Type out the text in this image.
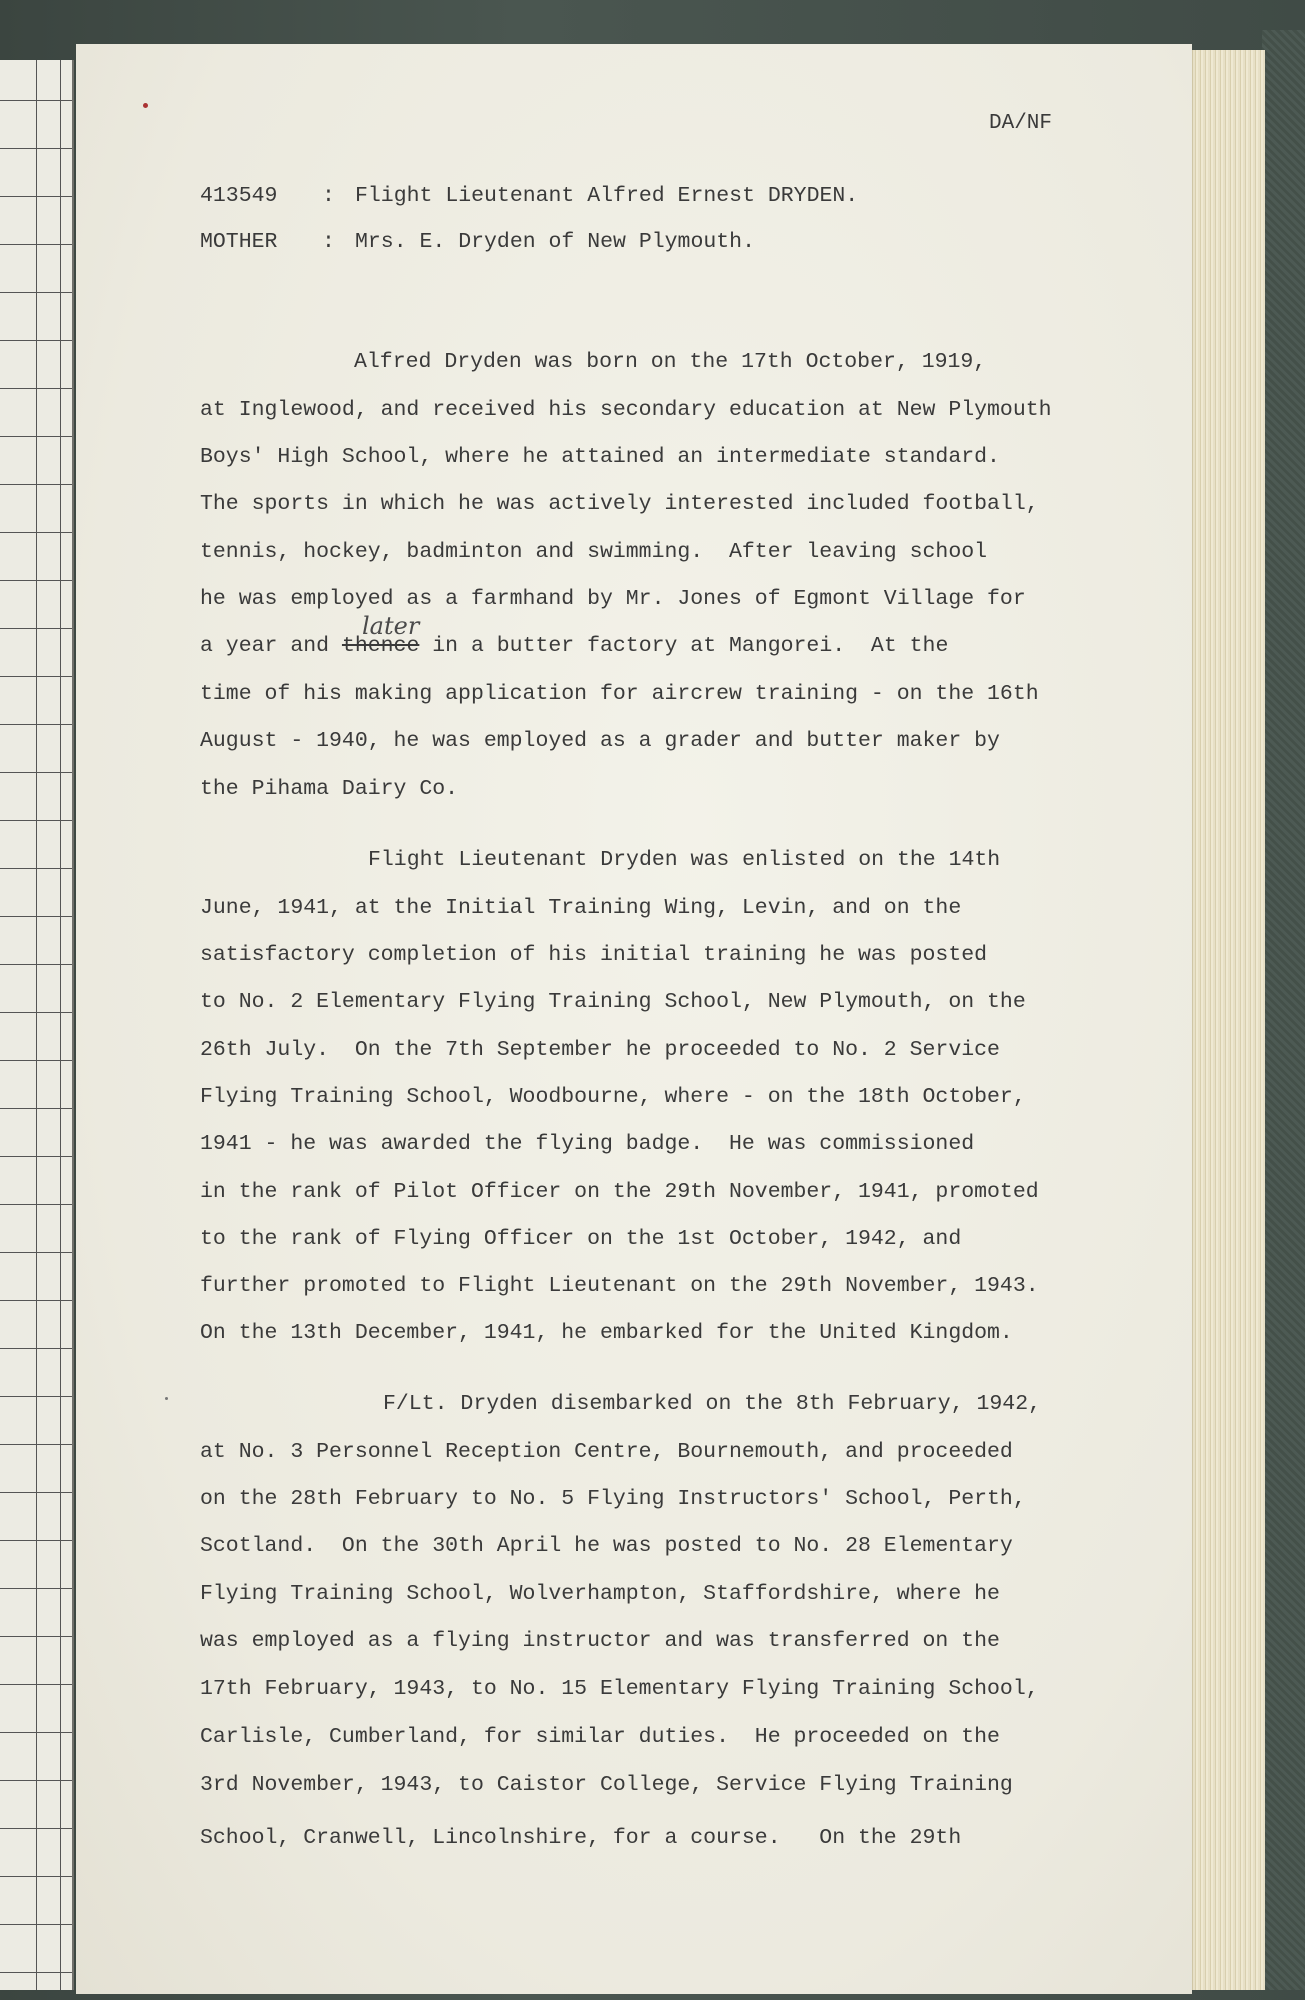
DA/NF
413549 : Flight Lieutenant Alfred Ernest DRYDEN.
MOTHER : Mrs. E. Dryden of New Plymouth.
Alfred Dryden was born on the 17th October, 1919,
at Inglewood, and received his secondary education at New Plymouth
Boys' High School, where he attained an intermediate standard.
The sports in which he was actively interested included football,
tennis, hockey, badminton and swimming.  After leaving school
he was employed as a farmhand by Mr. Jones of Egmont Village for
a year and thence in a butter factory at Mangorei.  At the
later
time of his making application for aircrew training - on the 16th
August - 1940, he was employed as a grader and butter maker by
the Pihama Dairy Co.
Flight Lieutenant Dryden was enlisted on the 14th
June, 1941, at the Initial Training Wing, Levin, and on the
satisfactory completion of his initial training he was posted
to No. 2 Elementary Flying Training School, New Plymouth, on the
26th July.  On the 7th September he proceeded to No. 2 Service
Flying Training School, Woodbourne, where - on the 18th October,
1941 - he was awarded the flying badge.  He was commissioned
in the rank of Pilot Officer on the 29th November, 1941, promoted
to the rank of Flying Officer on the 1st October, 1942, and
further promoted to Flight Lieutenant on the 29th November, 1943.
On the 13th December, 1941, he embarked for the United Kingdom.
F/Lt. Dryden disembarked on the 8th February, 1942,
at No. 3 Personnel Reception Centre, Bournemouth, and proceeded
on the 28th February to No. 5 Flying Instructors' School, Perth,
Scotland.  On the 30th April he was posted to No. 28 Elementary
Flying Training School, Wolverhampton, Staffordshire, where he
was employed as a flying instructor and was transferred on the
17th February, 1943, to No. 15 Elementary Flying Training School,
Carlisle, Cumberland, for similar duties.  He proceeded on the
3rd November, 1943, to Caistor College, Service Flying Training
School, Cranwell, Lincolnshire, for a course.   On the 29th
